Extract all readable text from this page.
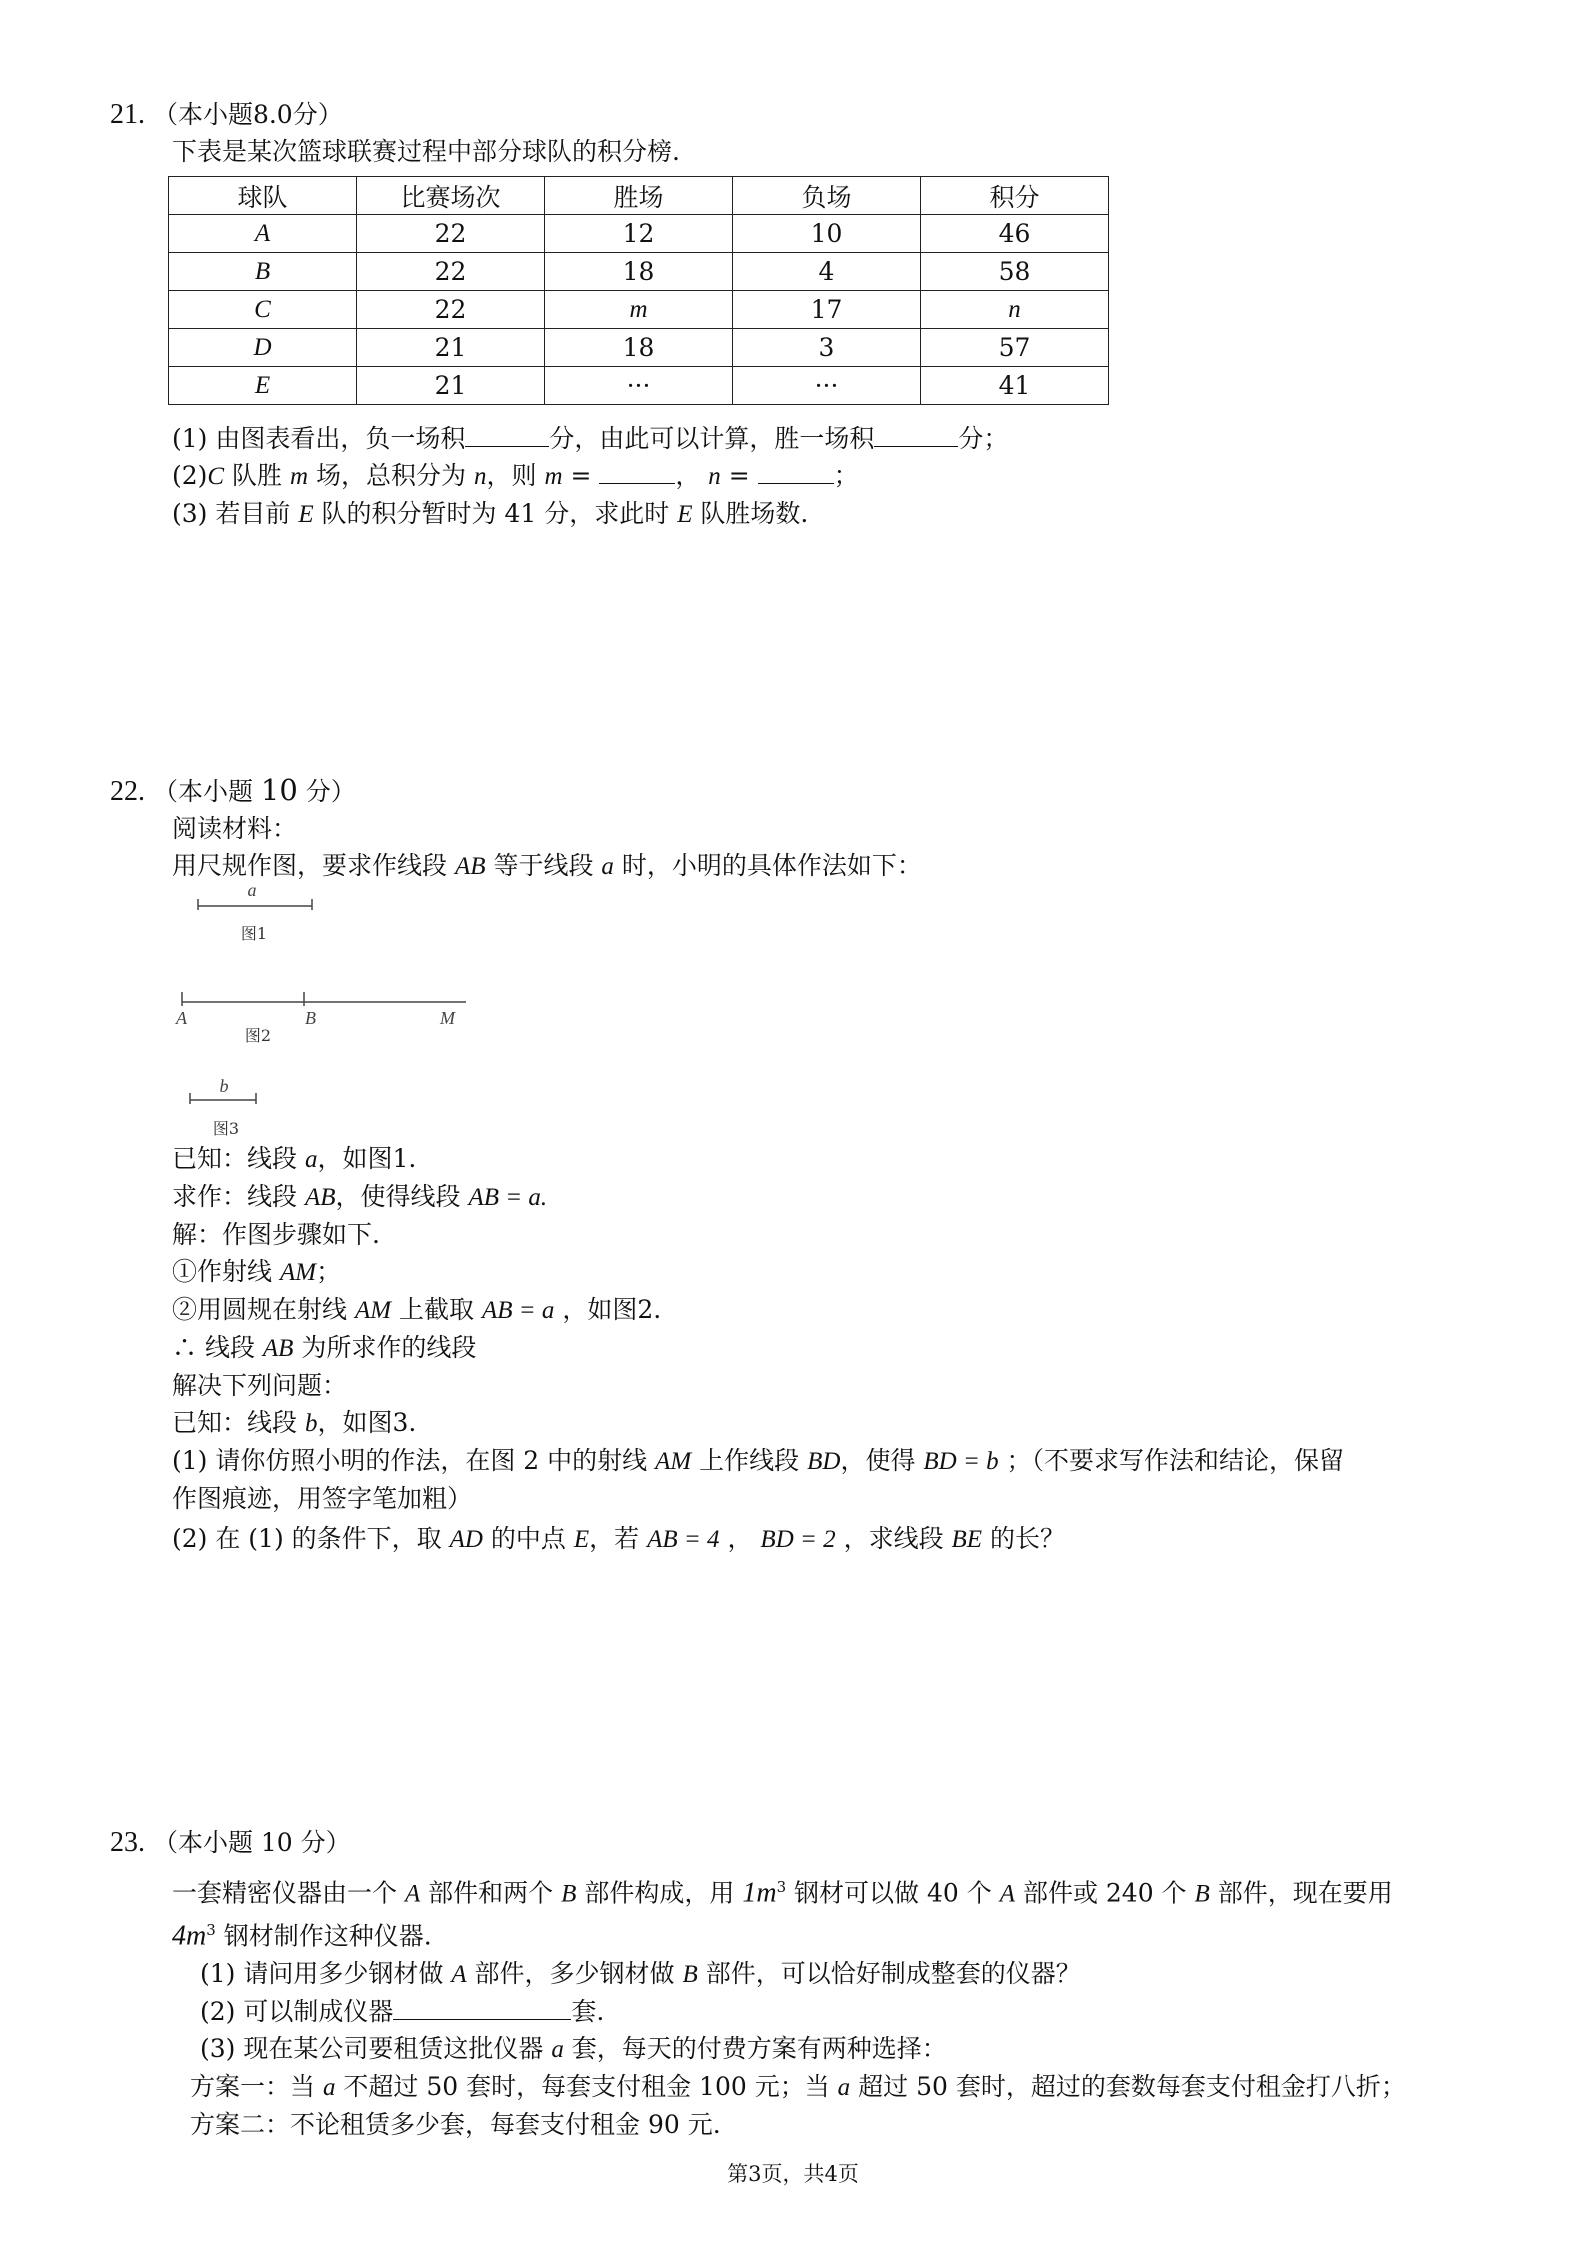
21. （本小题8.0分）
下表是某次篮球联赛过程中部分球队的积分榜.
球队	比赛场次	胜场	负场	积分
A	22	12	10	46
B	22	18	4	58
C	22	m	17	n
D	21	18	3	57
E	21	···	···	41
(1) 由图表看出，负一场积	分，由此可以计算，胜一场积	分；
(2)C 队胜 m 场，总积分为 n，则 m =	， n =	；
(3) 若目前 E 队的积分暂时为 41 分，求此时 E 队胜场数.
22. （本小题 10 分）
阅读材料：
用尺规作图，要求作线段 AB 等于线段 a 时，小明的具体作法如下：
a
图1
A	B	M
图2
b
图3
已知：线段 a，如图1.
求作：线段 AB，使得线段 AB = a.
解：作图步骤如下.
①作射线 AM；
②用圆规在射线 AM 上截取 AB = a ，如图2.
∴ 线段 AB 为所求作的线段
解决下列问题：
已知：线段 b，如图3.
(1) 请你仿照小明的作法，在图 2 中的射线 AM 上作线段 BD，使得 BD = b ；（不要求写作法和结论，保留
作图痕迹，用签字笔加粗）
(2) 在 (1) 的条件下，取 AD 的中点 E，若 AB = 4 ， BD = 2 ，求线段 BE 的长？
23. （本小题 10 分）
一套精密仪器由一个 A 部件和两个 B 部件构成，用 $1m^3$ 钢材可以做 40 个 A 部件或 240 个 B 部件，现在要用
$4m^3$ 钢材制作这种仪器.
(1) 请问用多少钢材做 A 部件，多少钢材做 B 部件，可以恰好制成整套的仪器？
(2) 可以制成仪器	套.
(3) 现在某公司要租赁这批仪器 a 套，每天的付费方案有两种选择：
方案一：当 a 不超过 50 套时，每套支付租金 100 元；当 a 超过 50 套时，超过的套数每套支付租金打八折；
方案二：不论租赁多少套，每套支付租金 90 元.
第3页，共4页
